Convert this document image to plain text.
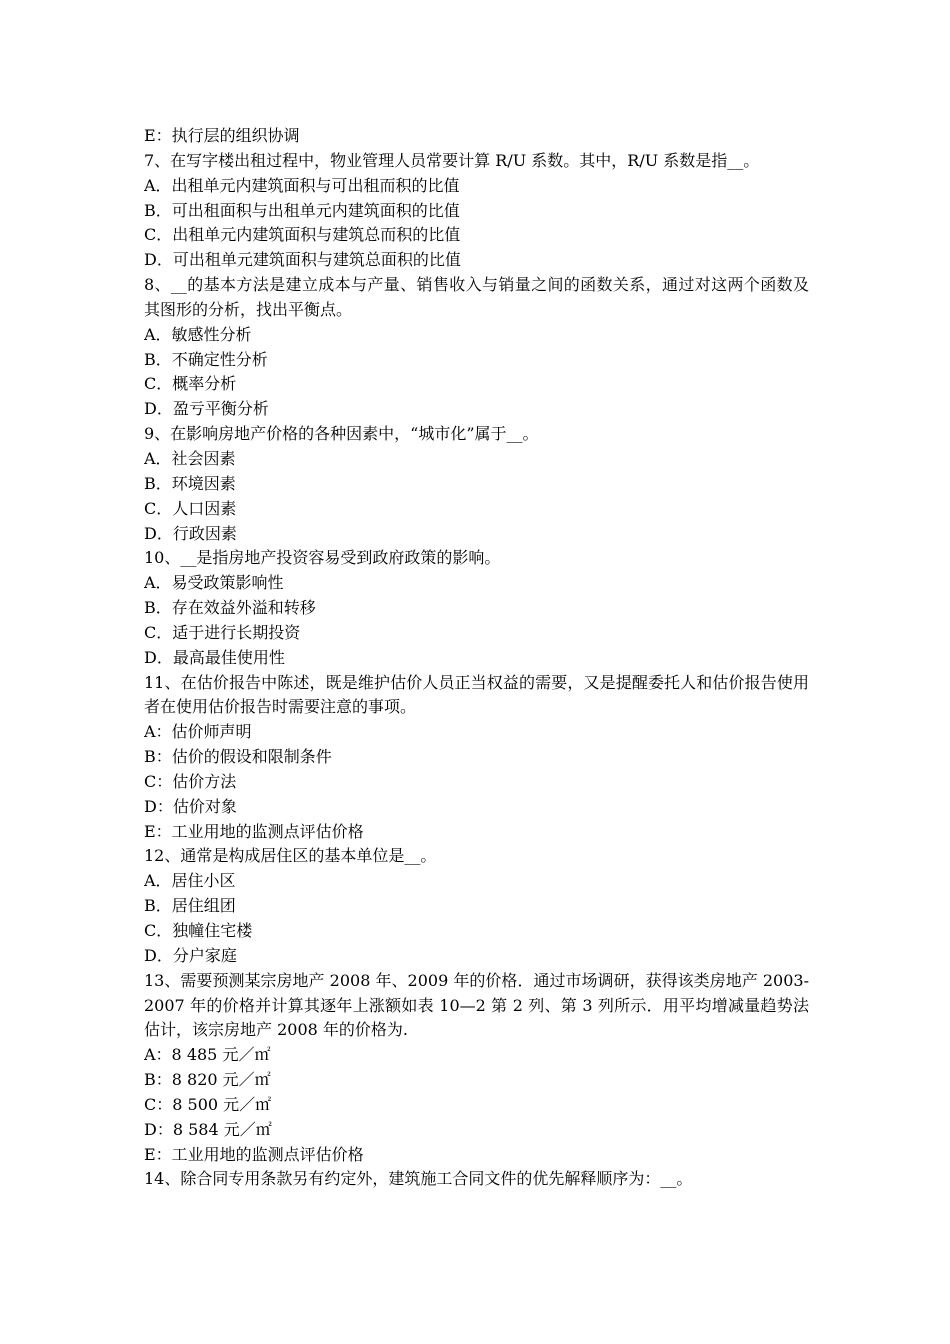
E：执行层的组织协调
7、在写字楼出租过程中，物业管理人员常要计算 R/U 系数。其中，R/U 系数是指__。
A．出租单元内建筑面积与可出租而积的比值
B．可出租面积与出租单元内建筑面积的比值
C．出租单元内建筑面积与建筑总而积的比值
D．可出租单元建筑面积与建筑总面积的比值
8、__的基本方法是建立成本与产量、销售收入与销量之间的函数关系，通过对这两个函数及其图形的分析，找出平衡点。
A．敏感性分析
B．不确定性分析
C．概率分析
D．盈亏平衡分析
9、在影响房地产价格的各种因素中，“城市化”属于__。
A．社会因素
B．环境因素
C．人口因素
D．行政因素
10、__是指房地产投资容易受到政府政策的影响。
A．易受政策影响性
B．存在效益外溢和转移
C．适于进行长期投资
D．最高最佳使用性
11、在估价报告中陈述，既是维护估价人员正当权益的需要，又是提醒委托人和估价报告使用者在使用估价报告时需要注意的事项。
A：估价师声明
B：估价的假设和限制条件
C：估价方法
D：估价对象
E：工业用地的监测点评估价格
12、通常是构成居住区的基本单位是__。
A．居住小区
B．居住组团
C．独幢住宅楼
D．分户家庭
13、需要预测某宗房地产 2008 年、2009 年的价格．通过市场调研，获得该类房地产 2003-2007 年的价格并计算其逐年上涨额如表 10—2 第 2 列、第 3 列所示．用平均增减量趋势法估计，该宗房地产 2008 年的价格为.
A：8 485 元／㎡
B：8 820 元／㎡
C：8 500 元／㎡
D：8 584 元／㎡
E：工业用地的监测点评估价格
14、除合同专用条款另有约定外，建筑施工合同文件的优先解释顺序为：__。
